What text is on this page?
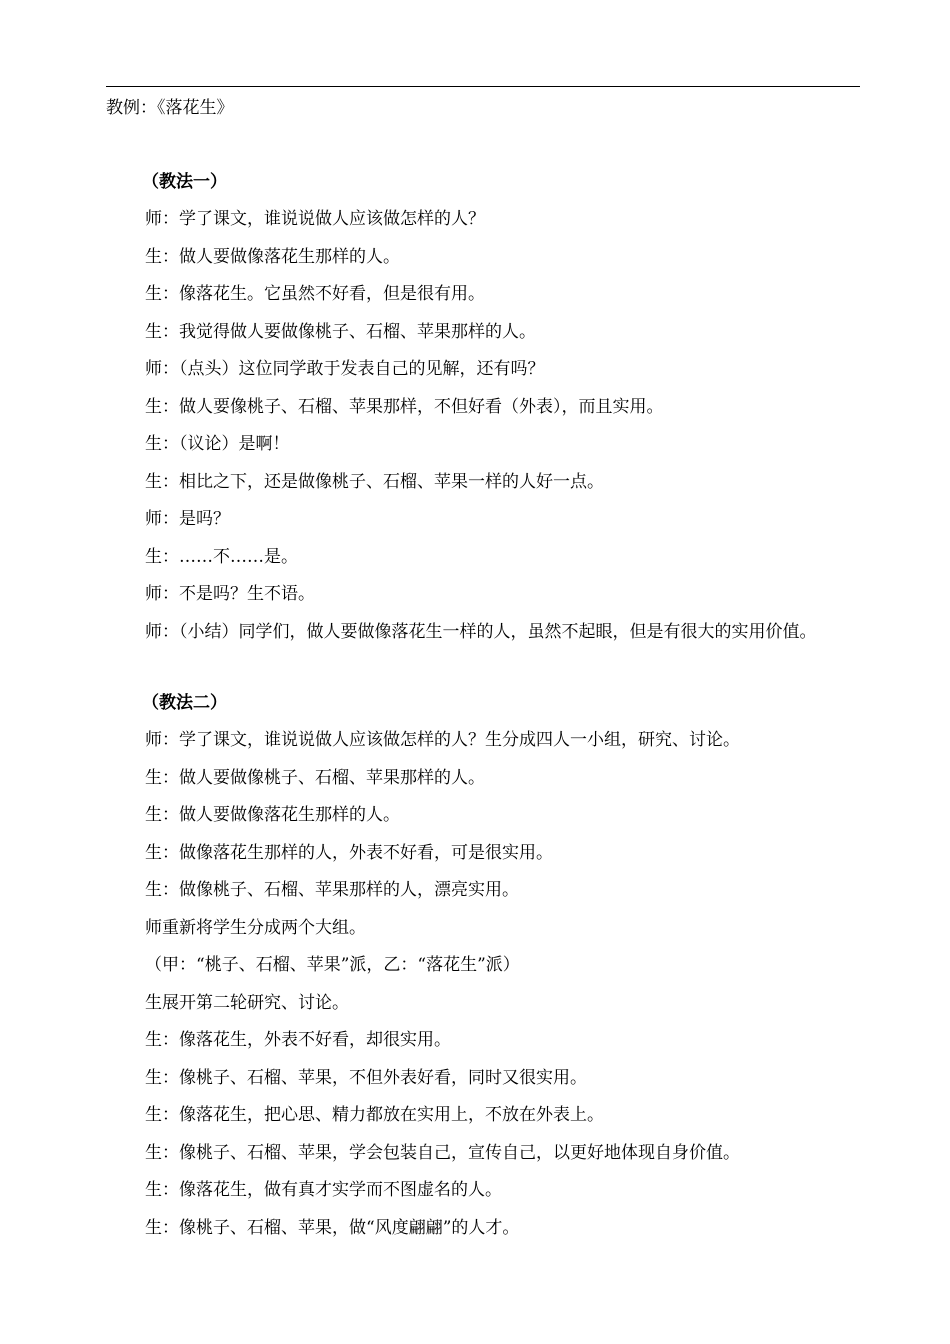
教例：《落花生》
（教法一）
师：学了课文，谁说说做人应该做怎样的人？
生：做人要做像落花生那样的人。
生：像落花生。它虽然不好看，但是很有用。
生：我觉得做人要做像桃子、石榴、苹果那样的人。
师：（点头）这位同学敢于发表自己的见解，还有吗？
生：做人要像桃子、石榴、苹果那样，不但好看（外表），而且实用。
生：（议论）是啊！
生：相比之下，还是做像桃子、石榴、苹果一样的人好一点。
师：是吗？
生：……不……是。
师：不是吗？生不语。
师：（小结）同学们，做人要做像落花生一样的人，虽然不起眼，但是有很大的实用价值。
（教法二）
师：学了课文，谁说说做人应该做怎样的人？生分成四人一小组，研究、讨论。
生：做人要做像桃子、石榴、苹果那样的人。
生：做人要做像落花生那样的人。
生：做像落花生那样的人，外表不好看，可是很实用。
生：做像桃子、石榴、苹果那样的人，漂亮实用。
师重新将学生分成两个大组。
（甲：“桃子、石榴、苹果”派，乙：“落花生”派）
生展开第二轮研究、讨论。
生：像落花生，外表不好看，却很实用。
生：像桃子、石榴、苹果，不但外表好看，同时又很实用。
生：像落花生，把心思、精力都放在实用上，不放在外表上。
生：像桃子、石榴、苹果，学会包装自己，宣传自己，以更好地体现自身价值。
生：像落花生，做有真才实学而不图虚名的人。
生：像桃子、石榴、苹果，做“风度翩翩”的人才。
